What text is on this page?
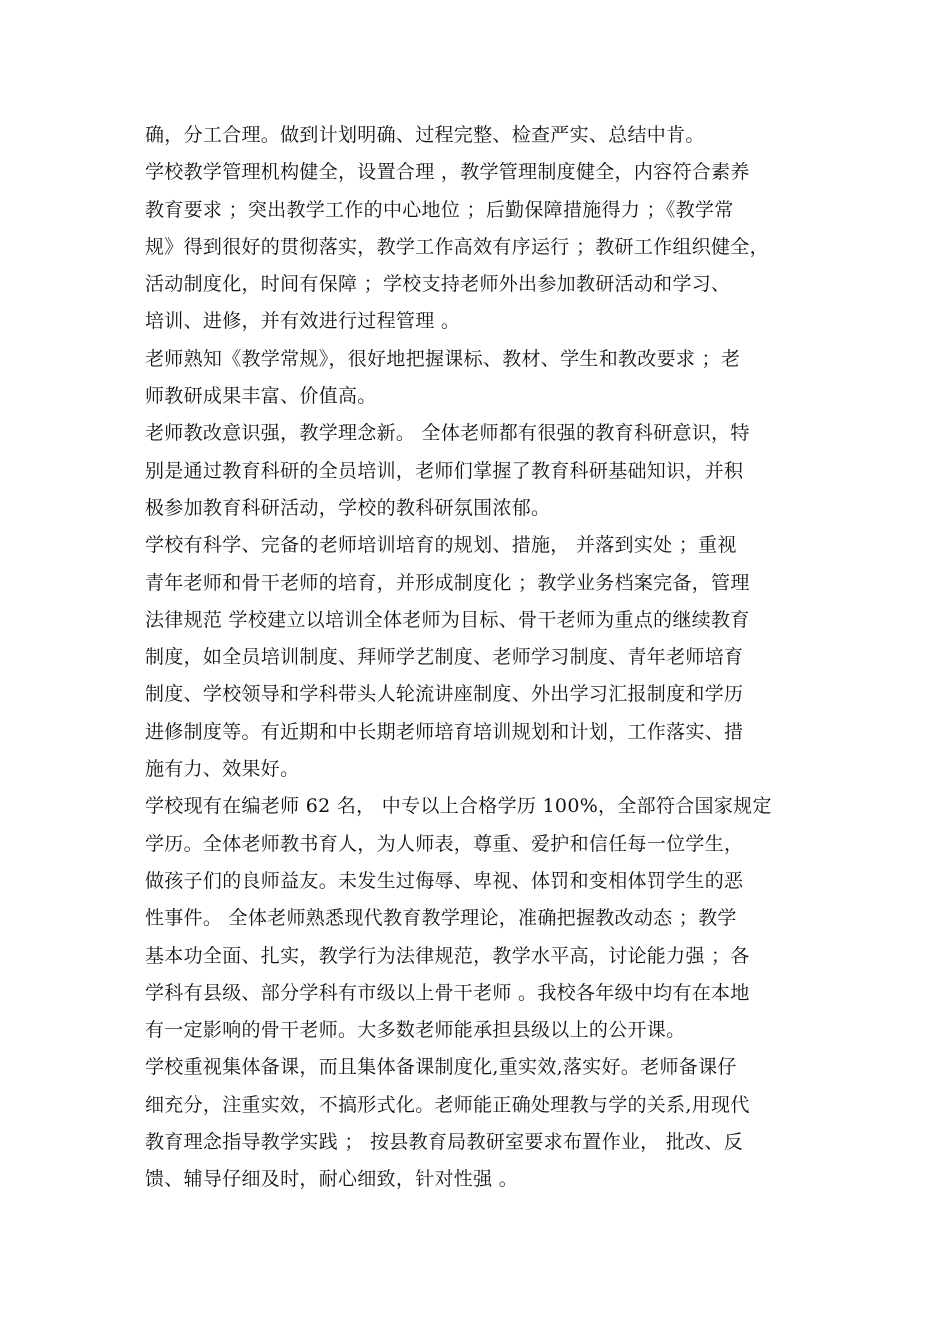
确，分工合理。做到计划明确、过程完整、检查严实、总结中肯。
学校教学管理机构健全，设置合理 ，教学管理制度健全，内容符合素养
教育要求 ；突出教学工作的中心地位 ；后勤保障措施得力 ；《教学常
规》得到很好的贯彻落实，教学工作高效有序运行 ；教研工作组织健全，
活动制度化，时间有保障 ；学校支持老师外出参加教研活动和学习、
培训、进修，并有效进行过程管理 。
老师熟知《教学常规》，很好地把握课标、教材、学生和教改要求 ；老
师教研成果丰富、价值高。
老师教改意识强，教学理念新。 全体老师都有很强的教育科研意识，特
别是通过教育科研的全员培训，老师们掌握了教育科研基础知识，并积
极参加教育科研活动，学校的教科研氛围浓郁。
学校有科学、完备的老师培训培育的规划、措施， 并落到实处 ；重视
青年老师和骨干老师的培育，并形成制度化 ；教学业务档案完备，管理
法律规范 学校建立以培训全体老师为目标、骨干老师为重点的继续教育
制度，如全员培训制度、拜师学艺制度、老师学习制度、青年老师培育
制度、学校领导和学科带头人轮流讲座制度、外出学习汇报制度和学历
进修制度等。有近期和中长期老师培育培训规划和计划，工作落实、措
施有力、效果好。
学校现有在编老师 62 名， 中专以上合格学历 100%，全部符合国家规定
学历。全体老师教书育人，为人师表，尊重、爱护和信任每一位学生，
做孩子们的良师益友。未发生过侮辱、卑视、体罚和变相体罚学生的恶
性事件。 全体老师熟悉现代教育教学理论，准确把握教改动态 ；教学
基本功全面、扎实，教学行为法律规范，教学水平高，讨论能力强 ；各
学科有县级、部分学科有市级以上骨干老师 。我校各年级中均有在本地
有一定影响的骨干老师。大多数老师能承担县级以上的公开课。
学校重视集体备课，而且集体备课制度化,重实效,落实好。老师备课仔
细充分，注重实效，不搞形式化。老师能正确处理教与学的关系,用现代
教育理念指导教学实践 ； 按县教育局教研室要求布置作业， 批改、反
馈、辅导仔细及时，耐心细致，针对性强 。
